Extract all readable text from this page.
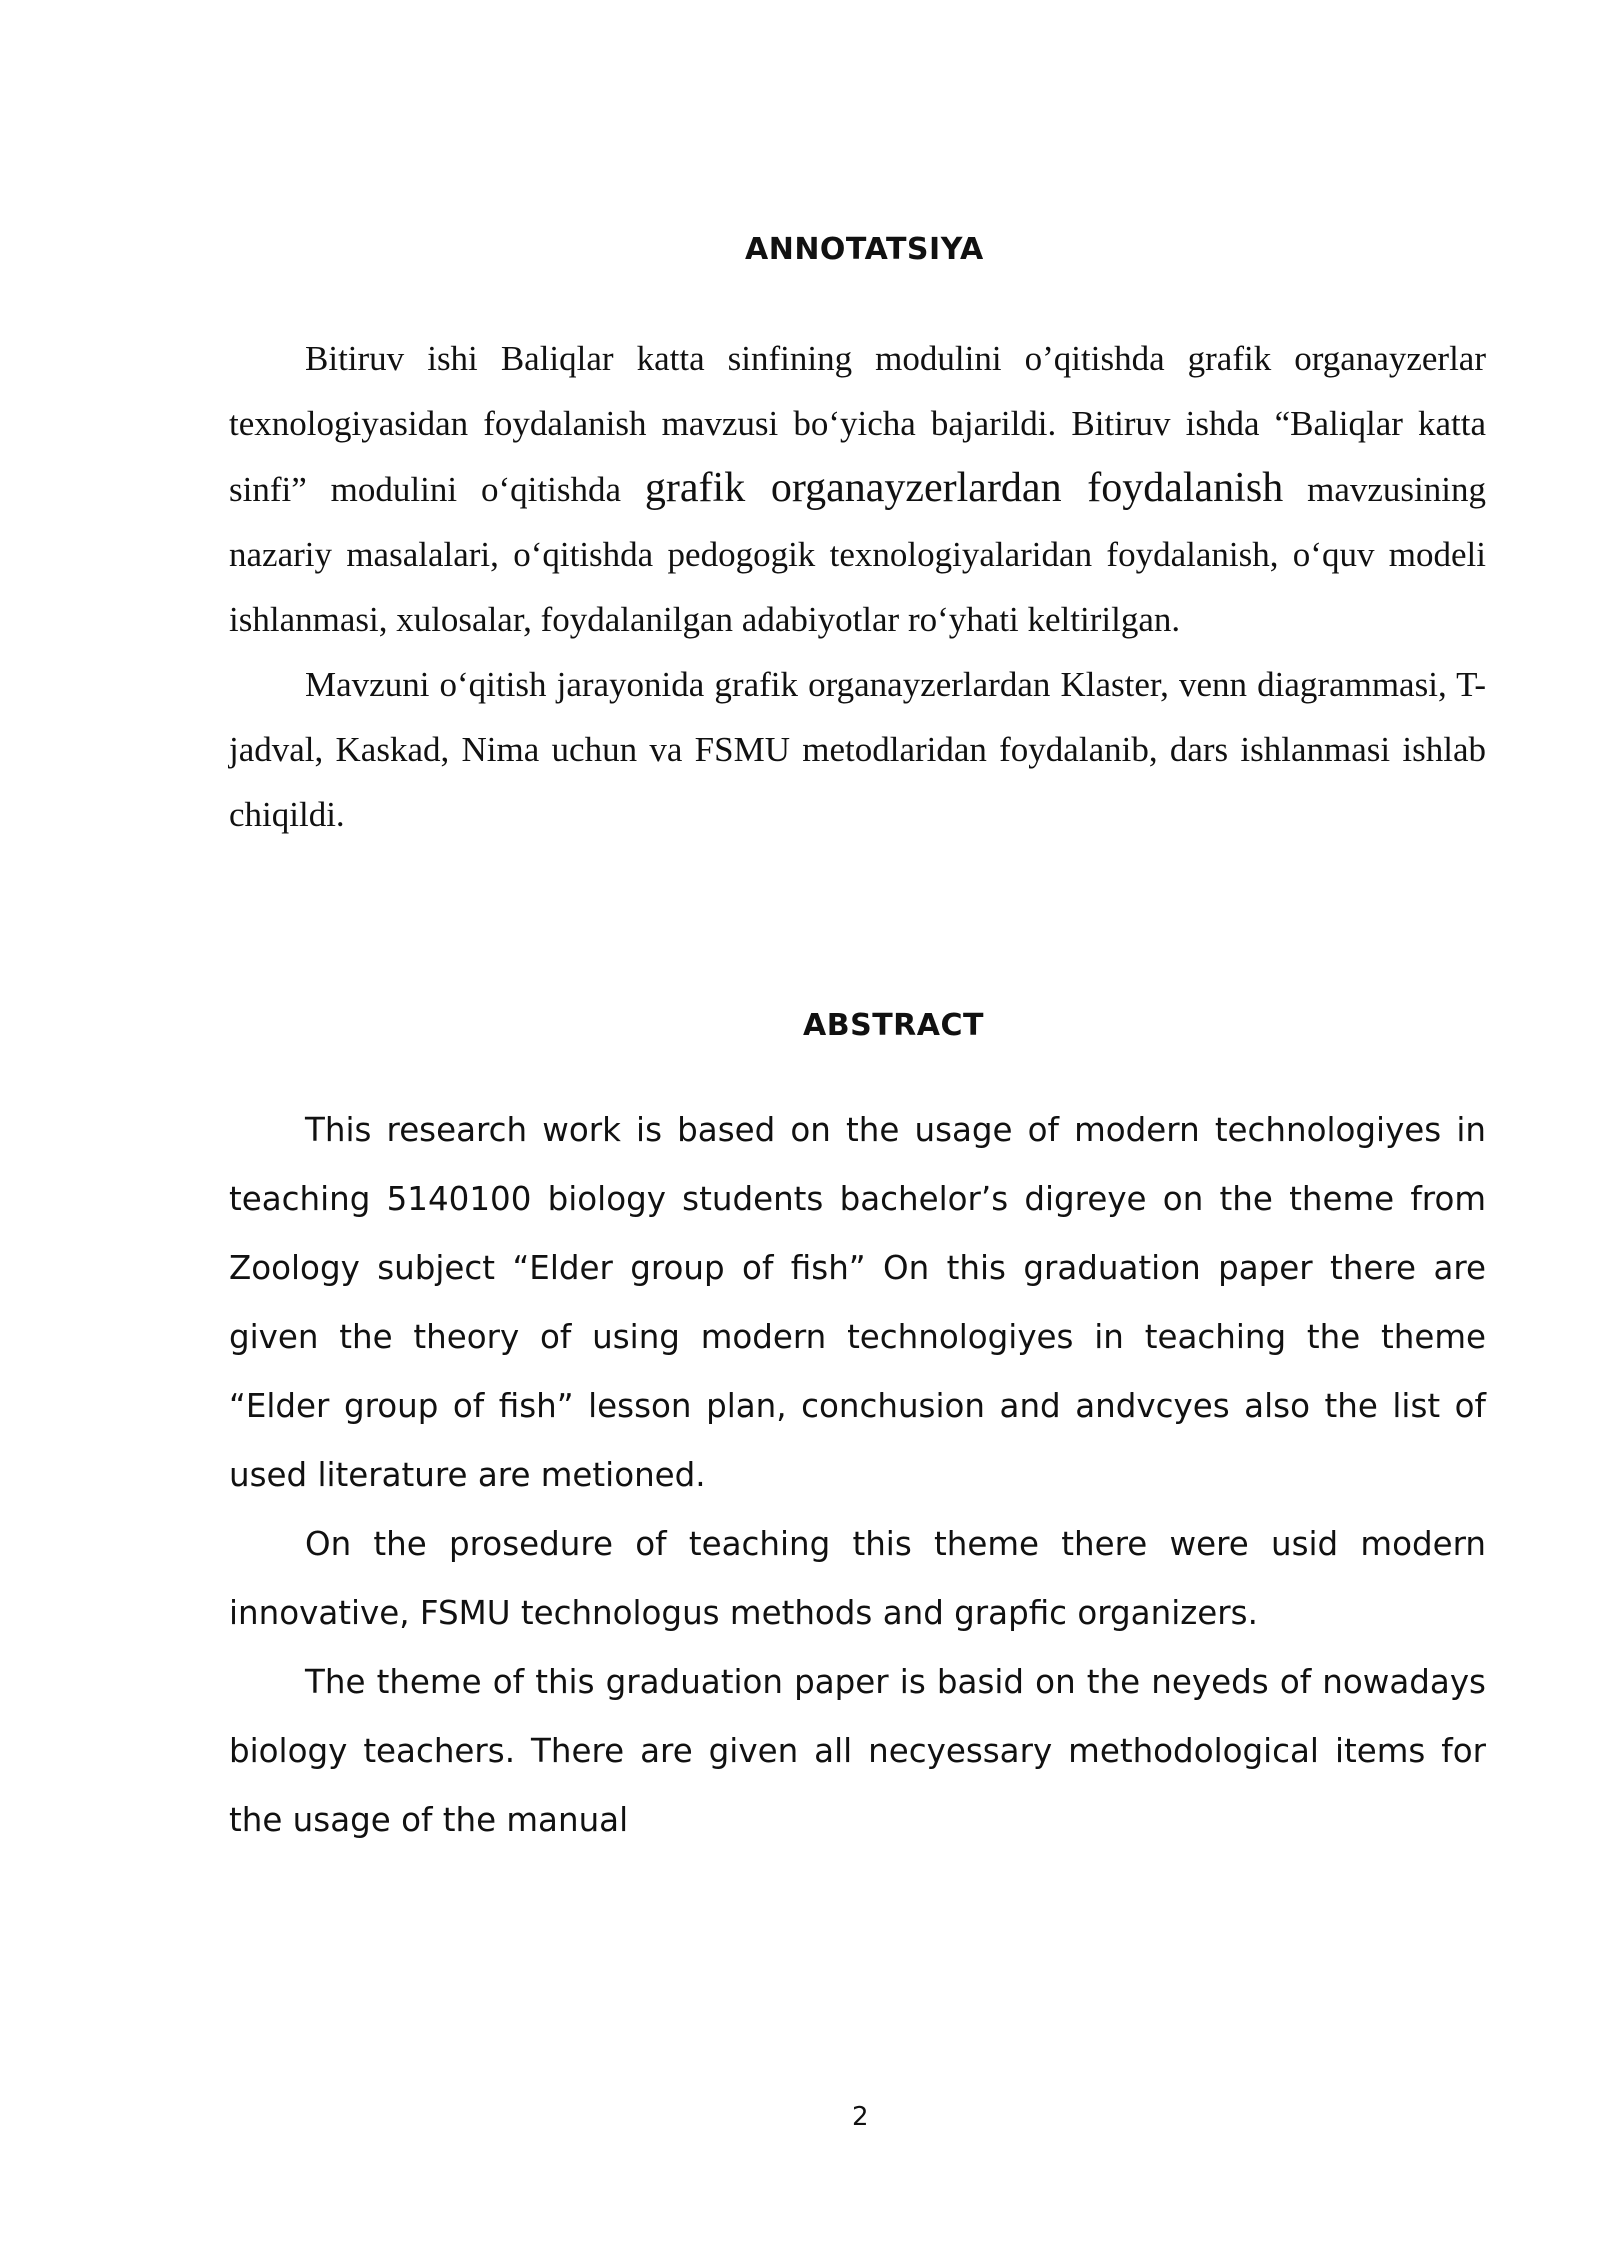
ANNOTATSIYA

Bitiruv ishi Baliqlar katta sinfining modulini o’qitishda grafik organayzerlar texnologiyasidan foydalanish mavzusi bo‘yicha bajarildi. Bitiruv ishda “Baliqlar katta sinfi” modulini o‘qitishda grafik organayzerlardan foydalanish mavzusining nazariy masalalari, o‘qitishda pedogogik texnologiyalaridan foydalanish, o‘quv modeli ishlanmasi, xulosalar, foydalanilgan adabiyotlar ro‘yhati keltirilgan.

Mavzuni o‘qitish jarayonida grafik organayzerlardan Klaster, venn diagrammasi, T-jadval, Kaskad, Nima uchun va FSMU metodlaridan foydalanib, dars ishlanmasi ishlab chiqildi.

ABSTRACT

This research work is based on the usage of modern technologiyes in teaching 5140100 biology students bachelor’s digreye on the theme from Zoology subject “Elder group of fish” On this graduation paper there are given the theory of using modern technologiyes in teaching the theme “Elder group of fish” lesson plan, conchusion and andvcyes also the list of used literature are metioned.

On the prosedure of teaching this theme there were usid modern innovative, FSMU technologus methods and grapfic organizers.

The theme of this graduation paper is basid on the neyeds of nowadays biology teachers. There are given all necyessary methodological items for the usage of the manual

2
